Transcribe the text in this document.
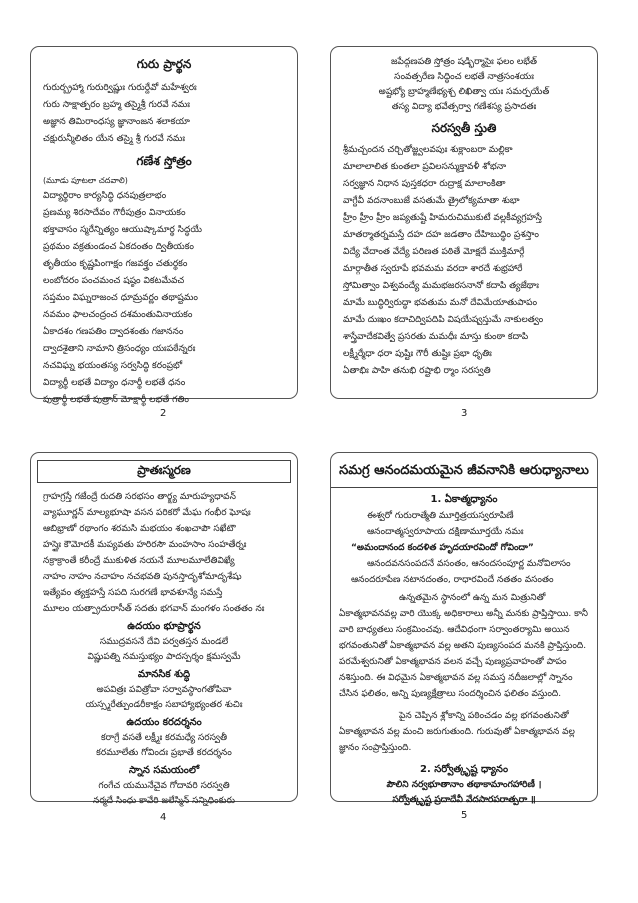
గురు ప్రార్థన
గురుర్బ్రహ్మా గురుర్విష్ణుః గురుర్దేవో మహేశ్వరః
గురు సాక్షాత్పరం బ్రహ్మ తస్మైశ్రీ గురవే నమః
అజ్ఞాన తిమిరాంధస్య జ్ఞానాంజన శలాకయా
చక్షురున్మీలితం యేన తస్మై శ్రీ గురవే నమః
గణేశ స్తోత్రం
(మూడు పూటలా చదవాలి)
విద్యార్థిరాం కార్యసిద్ధి ధనపుత్రలాభం
ప్రణమ్య శిరసాదేవం గౌరీపుత్రం వినాయకం
భక్తావాసం స్మరేన్నిత్యం ఆయుష్కామార్థ సిద్ధయే
ప్రథమం వక్రతుండంచ ఏకదంతం ద్వితీయకం
తృతీయం కృష్ణపింగాక్షం గజవక్త్రం చతుర్థకం
లంబోదరం పంచమంచ షష్ఠం వికటమేవచ
సప్తమం విఘ్నరాజంచ ధూమ్రవర్ణం తథాష్టమం
నవమం ఫాలచంద్రంచ దశమంతువినాయకం
ఏకాదశం గణపతిం ద్వాదశంతు గజాననం
ద్వాదశైతాని నామాని త్రిసంధ్యం యఃపఠేన్నరః
నచవిఘ్న భయంతస్య సర్వసిద్ధి కరంప్రభో
విద్యార్థీ లభతే విద్యాం ధనార్థీ లభతే ధనం
పుత్రార్థీ లభతే పుత్రాన్ మోక్షార్థీ లభతే గతిం
2
జపేద్గణపతి స్తోత్రం షడ్భిర్మాసైః ఫలం లభేత్
సంవత్సరేణ సిద్ధించ లభతే నాత్రసంశయః
అష్టభ్యో బ్రాహ్మణేభ్యశ్చ లిఖిత్వా యః సమర్పయేత్
తస్య విద్యా భవేత్సర్వా గణేశస్య ప్రసాదతః
సరస్వతీ స్తుతి
శ్రీమచ్చందన చర్చితోజ్జ్వలవపుః శుక్లాంబరా మల్లికా
మాలాలాలిత కుంతలా ప్రవిలసన్ముక్తావళీ శోభనా
సర్వజ్ఞాన నిధాన పుస్తకధరా రుద్రాక్ష మాలాంకితా
వాగ్దేవీ వదనాంబుజే వసతుమే త్రైలోక్యమాతా శుభా
హ్రీం హ్రీం హ్రీం జప్యతుష్టే హిమరుచిముకుటే వల్లకీవ్యగ్రహస్తే
మాతర్మాతర్నమస్తే దహ దహ జడతాం దేహిబుద్ధిం ప్రశస్తాం
విద్యే వేదాంత వేద్యే పరిణత పఠితే మోక్షదే ముక్తిమార్గే
మార్గాతీత స్వరూపే భవమమ వరదా శారదే శుభ్రహారే
స్తోమిత్వాం విశ్వవంద్యే మమభజరసనానో కదాపి త్యజేథాః
మామే బుద్ధిర్విరుద్ధా భవతుమ మనో దేవిమేయాతుపాపం
మామే దుఃఖం కదాచిద్విపదిపి విషయేష్వస్తుమే నాకులత్వం
శాస్త్రేవాదేకవిత్వే ప్రసరతు మమధీః మాస్తు కుంఠా కదాపి
లక్ష్మీర్మేధా ధరా పుష్టిః గౌరీ తుష్టిః ప్రభా ధృతిః
ఏతాభిః పాహి తనుభి రష్టాభి ర్మాం సరస్వతి
3
ప్రాతఃస్మరణ
గ్రాహగ్రస్తే గజేంద్రే రుదతి సరభసం తార్క్ష్య మారుహ్యధావన్
వ్యాఘూర్ణన్ మాల్యభూషా వసన పరికరో మేఘ గంభీర ఘోషః
ఆబిభ్రాణో రథాంగం శరమసి మభయం శంఖచాపౌ సఖేటౌ
హస్తైః కౌమోదకీ మప్యవతు హరిరసౌ మంహసాం సంహతేర్నః
నక్రాక్రాంతే కరీంద్రే ముకుళిత నయనే మూలమూలేతివిఖ్యే
నాహం నాహం నచాహం నచభవతి పునస్తాదృశోమాదృశేషు
ఇత్యేవం త్యక్తహస్తే సపది సురగణే భావశూన్యే సమస్తే
మూలం యత్ప్రాదురాసీత్ సదతు భగవాన్ మంగళం సంతతం నః
ఉదయం భూప్రార్థన
సముద్రవసనే దేవి పర్వతస్తన మండలే
విష్ణుపత్ని నమస్తుభ్యం పాదస్పర్శం క్షమస్వమే
మానసిక శుద్ధి
అపవిత్రః పవిత్రోవా సర్వావస్థాంగతోపివా
యస్స్మరేత్పుండరీకాక్షం సబాహ్యాభ్యంతర శుచిః
ఉదయం కరదర్శనం
కరాగ్రే వసతే లక్ష్మీః కరమధ్యే సరస్వతీ
కరమూలేతు గోవిందః ప్రభాతే కరదర్శనం
స్నాన సమయంలో
గంగేచ యమునేచైవ గోదావరి సరస్వతి
నర్మదే సింధు కావేరి జలేస్మిన్ సన్నిధింకురు
4
సమగ్ర ఆనందమయమైన జీవనానికి ఆరుధ్యానాలు
1. ఏకాత్మధ్యానం
ఈశ్వరో గురురాత్మేతి మూర్తిత్రయస్వరూపిణే
ఆనందాత్మస్వరూపాయ దక్షిణామూర్తయే నమః
“అమందానంద కందళిత హృదయారవిందో గోవిందా”
ఆనందవనసంపదనే వసంతం, ఆనందసంపూర్ణ మనోవిలాసం
ఆనందరూపేణ నటానదంతం, రాధారవిందే నతతం వసంతం
ఉన్నతమైన స్థానంలో ఉన్న మన మిత్రునితో ఏకాత్మభావనవల్ల వారి యొక్క అధికారాలు అన్నీ మనకు ప్రాప్తిస్తాయి. కానీ వారి బాధ్యతలు సంక్రమించవు. ఆదేవిధంగా సర్వాంతర్యామి అయిన భగవంతునితో ఏకాత్మభావన వల్ల అతని పుణ్యసంపద మనకి ప్రాప్తిస్తుంది. పరమేశ్వరునితో ఏకాత్మభావన వలన వచ్చే పుణ్యప్రవాహంతో పాపం నశిస్తుంది. ఈ విధమైన ఏకాత్మభావన వల్ల సమస్త నదీజలాల్లో స్నానం చేసిన ఫలితం, అన్ని పుణ్యక్షేత్రాలు సందర్శించిన ఫలితం వస్తుంది.
పైన చెప్పిన శ్లోకాన్ని పఠించడం వల్ల భగవంతునితో ఏకాత్మభావన వల్ల మంచి జరుగుతుంది. గురువుతో ఏకాత్మభావన వల్ల జ్ఞానం సంప్రాప్తిస్తుంది.
2. సర్వోత్కృష్ట ధ్యానం
పౌలిని నర్వభూతానాం తథాకామాంగహారిణీ ।
సర్వోత్కృష్ట ప్రదాదేవీ వేదసారపరాత్పరా ॥
5
